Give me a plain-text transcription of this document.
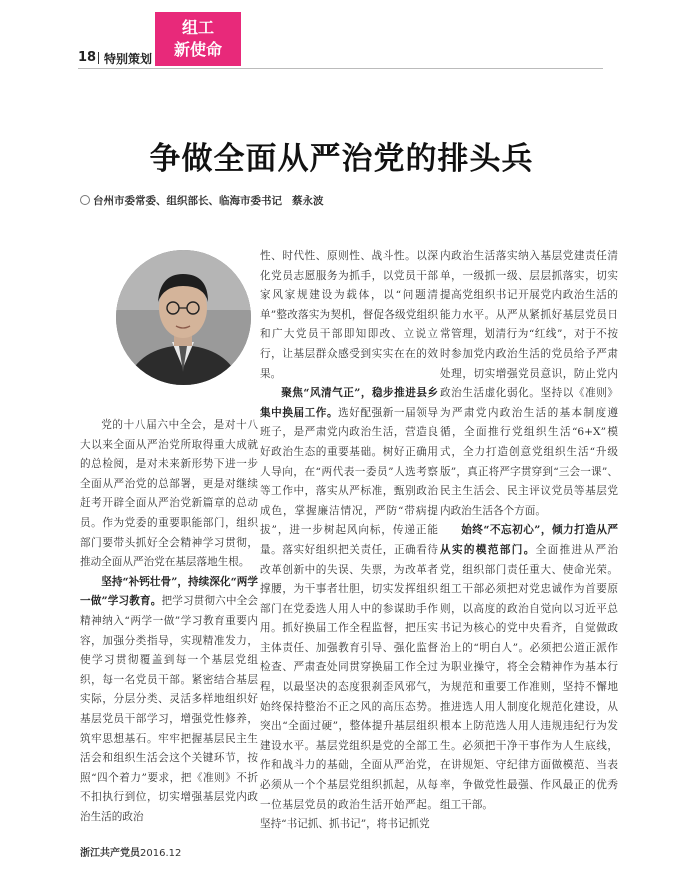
18 特别策划
组工
新使命
争做全面从严治党的排头兵
台州市委常委、组织部长、临海市委书记 蔡永波

党的十八届六中全会，是对十八大以来全面从严治党所取得重大成就的总检阅，是对未来新形势下进一步全面从严治党的总部署，更是对继续赶考开辟全面从严治党新篇章的总动员。作为党委的重要职能部门，组织部门要带头抓好全会精神学习贯彻，推动全面从严治党在基层落地生根。

坚持“补钙壮骨”，持续深化“两学一做”学习教育。把学习贯彻六中全会精神纳入“两学一做”学习教育重要内容，加强分类指导，实现精准发力，使学习贯彻覆盖到每一个基层党组织，每一名党员干部。紧密结合基层实际，分层分类、灵活多样地组织好基层党员干部学习，增强党性修养，筑牢思想基石。牢牢把握基层民主生活会和组织生活会这个关键环节，按照“四个着力”要求，把《准则》不折不扣执行到位，切实增强基层党内政治生活的政治

性、时代性、原则性、战斗性。以深化党员志愿服务为抓手，以党员干部家风家规建设为载体，以“问题清单”整改落实为契机，督促各级党组织和广大党员干部即知即改、立说立行，让基层群众感受到实实在在的效果。

聚焦“风清气正”，稳步推进县乡集中换届工作。选好配强新一届领导班子，是严肃党内政治生活，营造良好政治生态的重要基础。树好正确用人导向，在“两代表一委员”人选考察等工作中，落实从严标准，甄别政治成色，掌握廉洁情况，严防“带病提拔”，进一步树起风向标，传递正能量。落实好组织把关责任，正确看待改革创新中的失误、失票，为改革者撑腰，为干事者壮胆，切实发挥组织部门在党委选人用人中的参谋助手作用。抓好换届工作全程监督，把压实主体责任、加强教育引导、强化监督检查、严肃查处同贯穿换届工作全过程，以最坚决的态度狠刹歪风邪气，始终保持整治不正之风的高压态势。突出“全面过硬”，整体提升基层组织建设水平。基层党组织是党的全部工作和战斗力的基础，全面从严治党，必须从一个个基层党组织抓起，从每一位基层党员的政治生活开始严起。坚持“书记抓、抓书记”，将书记抓党

内政治生活落实纳入基层党建责任清单，一级抓一级、层层抓落实，切实提高党组织书记开展党内政治生活的能力水平。从严从紧抓好基层党员日常管理，划清行为“红线”，对于不按时参加党内政治生活的党员给予严肃处理，切实增强党员意识，防止党内政治生活虚化弱化。坚持以《准则》为严肃党内政治生活的基本制度遵循，全面推行党组织生活“6+X”模式，全力打造创意党组织生活“升级版”，真正将严字贯穿到“三会一课”、民主生活会、民主评议党员等基层党内政治生活各个方面。

始终“不忘初心”，倾力打造从严从实的模范部门。全面推进从严治党，组织部门责任重大、使命光荣。组工干部必须把对党忠诚作为首要原则，以高度的政治自觉向以习近平总书记为核心的党中央看齐，自觉做政治上的“明白人”。必须把公道正派作为职业操守，将全会精神作为基本行为规范和重要工作准则，坚持不懈地推进选人用人制度化规范化建设，从根本上防范选人用人违规违纪行为发生。必须把干净干事作为人生底线，在讲规矩、守纪律方面做模范、当表率，争做党性最强、作风最正的优秀组工干部。

浙江共产党员2016.12
